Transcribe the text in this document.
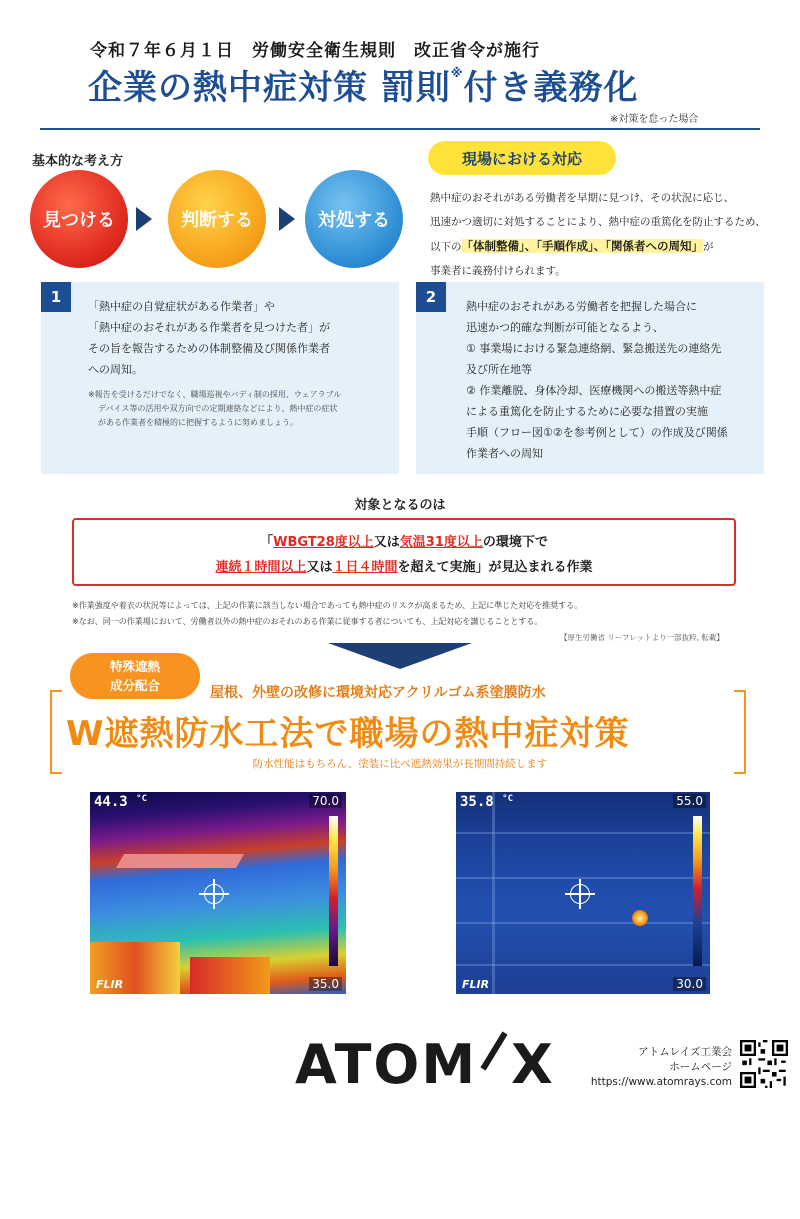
令和７年６月１日　労働安全衛生規則　改正省令が施行
企業の熱中症対策 罰則※付き義務化
※対策を怠った場合
基本的な考え方
見つける	判断する	対処する
現場における対応
熱中症のおそれがある労働者を早期に見つけ、その状況に応じ、
迅速かつ適切に対処することにより、熱中症の重篤化を防止するため、
以下の「体制整備」、「手順作成」、「関係者への周知」が
事業者に義務付けられます。
1
「熱中症の自覚症状がある作業者」や
「熱中症のおそれがある作業者を見つけた者」が
その旨を報告するための体制整備及び関係作業者
への周知。
※報告を受けるだけでなく、職場巡視やバディ制の採用、ウェアラブル
デバイス等の活用や双方向での定期連絡などにより、熱中症の症状
がある作業者を積極的に把握するように努めましょう。
2
熱中症のおそれがある労働者を把握した場合に
迅速かつ的確な判断が可能となるよう、
① 事業場における緊急連絡網、緊急搬送先の連絡先
及び所在地等
② 作業離脱、身体冷却、医療機関への搬送等熱中症
による重篤化を防止するために必要な措置の実施
手順（フロー図①②を参考例として）の作成及び関係
作業者への周知
対象となるのは
「WBGT28度以上又は気温31度以上の環境下で
連続１時間以上又は１日４時間を超えて実施」が見込まれる作業
※作業強度や着衣の状況等によっては、上記の作業に該当しない場合であっても熱中症のリスクが高まるため、上記に準じた対応を推奨する。
※なお、同一の作業場において、労働者以外の熱中症のおそれのある作業に従事する者についても、上記対応を講じることとする。
【厚生労働省 リーフレットより一部抜粋, 転載】
特殊遮熱
成分配合	屋根、外壁の改修に環境対応アクリルゴム系塗膜防水
W遮熱防水工法で職場の熱中症対策
防水性能はもちろん、塗装に比べ遮熱効果が長期間持続します
44.3 $^{^\circ C}$	70.0
35.0
FLIR
35.8 $^{^\circ C}$	55.0
30.0
FLIR
ATOM X	アトムレイズ工業会
ホームページ
https://www.atomrays.com
